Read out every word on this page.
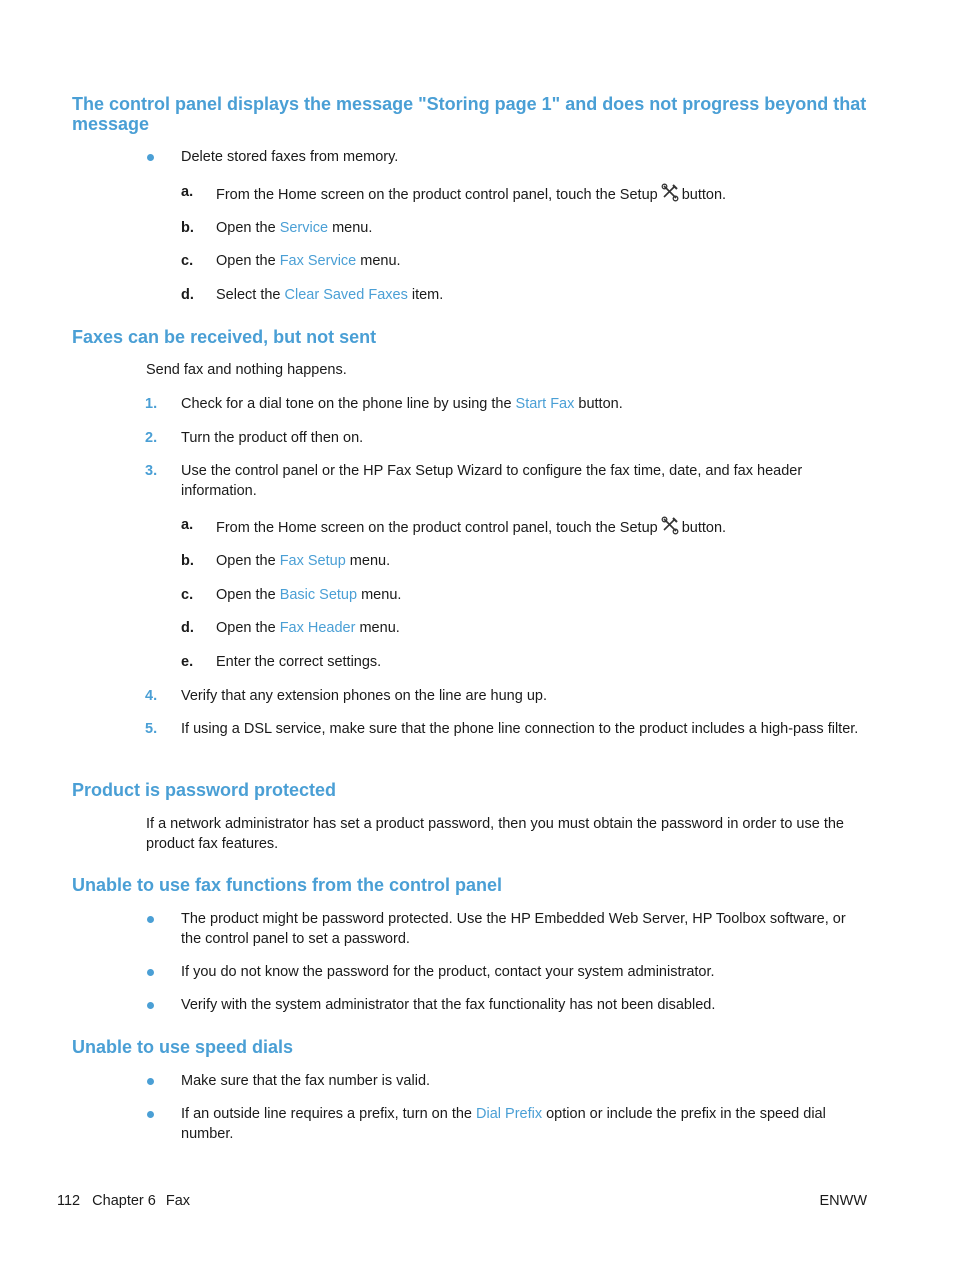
The control panel displays the message "Storing page 1" and does not progress beyond that message
Delete stored faxes from memory.
a. From the Home screen on the product control panel, touch the Setup button.
b. Open the Service menu.
c. Open the Fax Service menu.
d. Select the Clear Saved Faxes item.
Faxes can be received, but not sent
Send fax and nothing happens.
1. Check for a dial tone on the phone line by using the Start Fax button.
2. Turn the product off then on.
3. Use the control panel or the HP Fax Setup Wizard to configure the fax time, date, and fax header information.
a. From the Home screen on the product control panel, touch the Setup button.
b. Open the Fax Setup menu.
c. Open the Basic Setup menu.
d. Open the Fax Header menu.
e. Enter the correct settings.
4. Verify that any extension phones on the line are hung up.
5. If using a DSL service, make sure that the phone line connection to the product includes a high-pass filter.
Product is password protected
If a network administrator has set a product password, then you must obtain the password in order to use the product fax features.
Unable to use fax functions from the control panel
The product might be password protected. Use the HP Embedded Web Server, HP Toolbox software, or the control panel to set a password.
If you do not know the password for the product, contact your system administrator.
Verify with the system administrator that the fax functionality has not been disabled.
Unable to use speed dials
Make sure that the fax number is valid.
If an outside line requires a prefix, turn on the Dial Prefix option or include the prefix in the speed dial number.
112 Chapter 6 Fax	ENWW
